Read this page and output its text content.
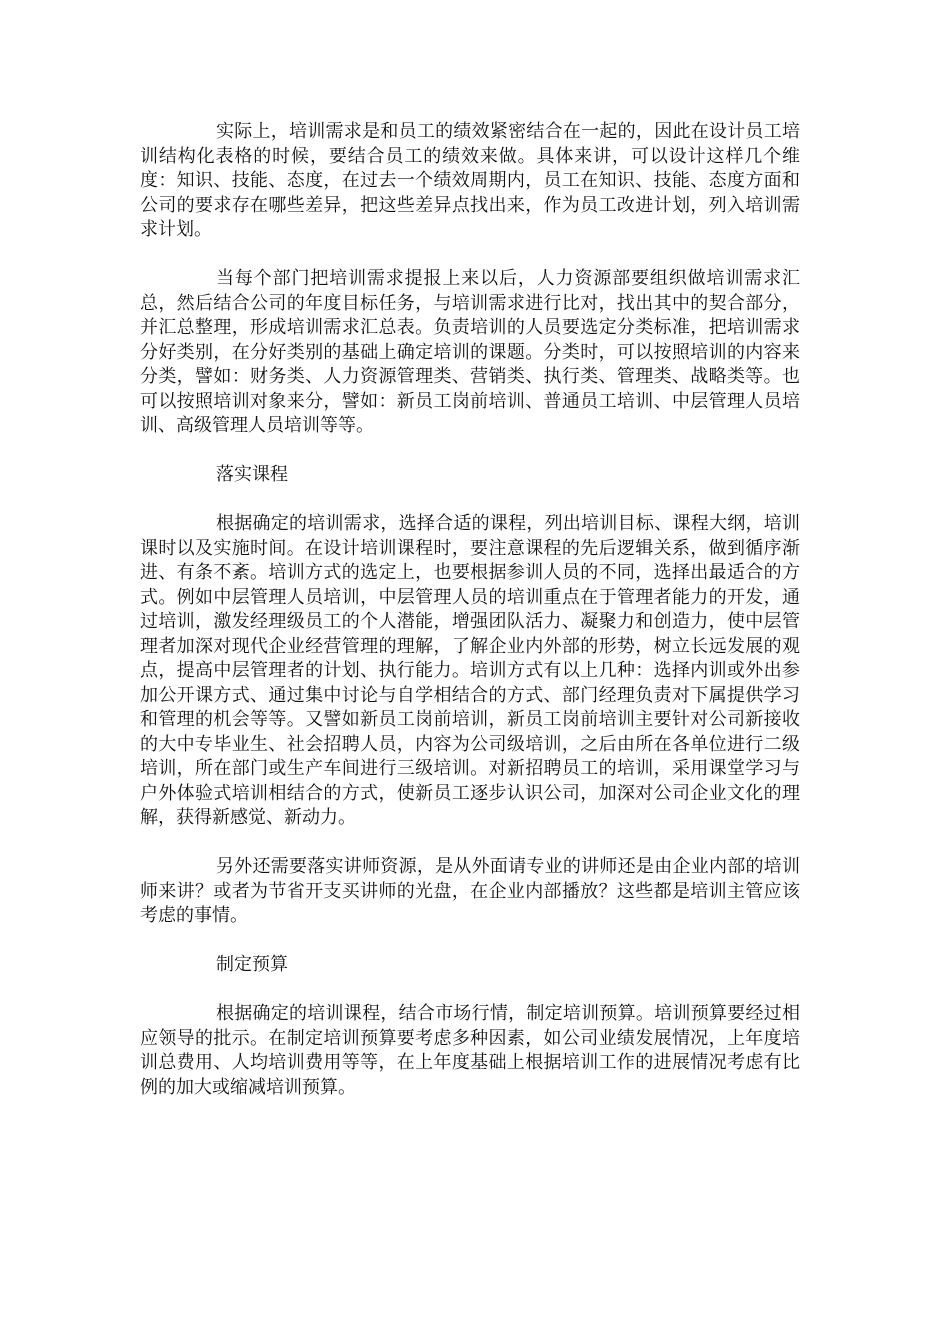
实际上，培训需求是和员工的绩效紧密结合在一起的，因此在设计员工培训结构化表格的时候，要结合员工的绩效来做。具体来讲，可以设计这样几个维度：知识、技能、态度，在过去一个绩效周期内，员工在知识、技能、态度方面和公司的要求存在哪些差异，把这些差异点找出来，作为员工改进计划，列入培训需求计划。

当每个部门把培训需求提报上来以后，人力资源部要组织做培训需求汇总，然后结合公司的年度目标任务，与培训需求进行比对，找出其中的契合部分，并汇总整理，形成培训需求汇总表。负责培训的人员要选定分类标准，把培训需求分好类别，在分好类别的基础上确定培训的课题。分类时，可以按照培训的内容来分类，譬如：财务类、人力资源管理类、营销类、执行类、管理类、战略类等。也可以按照培训对象来分，譬如：新员工岗前培训、普通员工培训、中层管理人员培训、高级管理人员培训等等。

落实课程

根据确定的培训需求，选择合适的课程，列出培训目标、课程大纲，培训课时以及实施时间。在设计培训课程时，要注意课程的先后逻辑关系，做到循序渐进、有条不紊。培训方式的选定上，也要根据参训人员的不同，选择出最适合的方式。例如中层管理人员培训，中层管理人员的培训重点在于管理者能力的开发，通过培训，激发经理级员工的个人潜能，增强团队活力、凝聚力和创造力，使中层管理者加深对现代企业经营管理的理解，了解企业内外部的形势，树立长远发展的观点，提高中层管理者的计划、执行能力。培训方式有以上几种：选择内训或外出参加公开课方式、通过集中讨论与自学相结合的方式、部门经理负责对下属提供学习和管理的机会等等。又譬如新员工岗前培训，新员工岗前培训主要针对公司新接收的大中专毕业生、社会招聘人员，内容为公司级培训，之后由所在各单位进行二级培训，所在部门或生产车间进行三级培训。对新招聘员工的培训，采用课堂学习与户外体验式培训相结合的方式，使新员工逐步认识公司，加深对公司企业文化的理解，获得新感觉、新动力。

另外还需要落实讲师资源，是从外面请专业的讲师还是由企业内部的培训师来讲？或者为节省开支买讲师的光盘，在企业内部播放？这些都是培训主管应该考虑的事情。

制定预算

根据确定的培训课程，结合市场行情，制定培训预算。培训预算要经过相应领导的批示。在制定培训预算要考虑多种因素，如公司业绩发展情况，上年度培训总费用、人均培训费用等等，在上年度基础上根据培训工作的进展情况考虑有比例的加大或缩减培训预算。
